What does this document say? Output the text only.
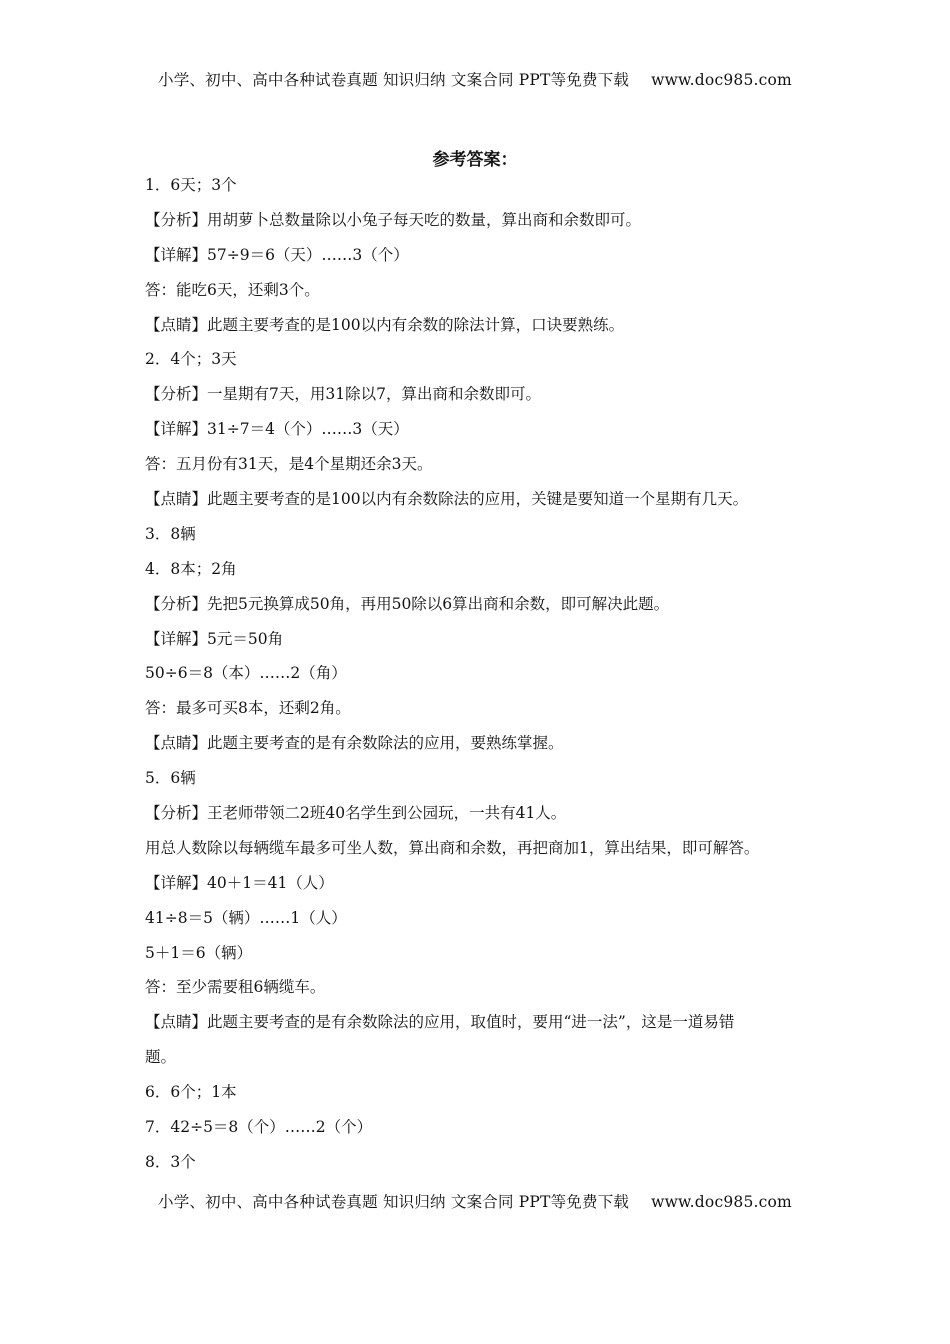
小学、初中、高中各种试卷真题 知识归纳 文案合同 PPT等免费下载 www.doc985.com
参考答案：
1．6天；3个
【分析】用胡萝卜总数量除以小兔子每天吃的数量，算出商和余数即可。
【详解】57÷9＝6（天）……3（个）
答：能吃6天，还剩3个。
【点睛】此题主要考查的是100以内有余数的除法计算，口诀要熟练。
2．4个；3天
【分析】一星期有7天，用31除以7，算出商和余数即可。
【详解】31÷7＝4（个）……3（天）
答：五月份有31天，是4个星期还余3天。
【点睛】此题主要考查的是100以内有余数除法的应用，关键是要知道一个星期有几天。
3．8辆
4．8本；2角
【分析】先把5元换算成50角，再用50除以6算出商和余数，即可解决此题。
【详解】5元＝50角
50÷6＝8（本）……2（角）
答：最多可买8本，还剩2角。
【点睛】此题主要考查的是有余数除法的应用，要熟练掌握。
5．6辆
【分析】王老师带领二2班40名学生到公园玩，一共有41人。
用总人数除以每辆缆车最多可坐人数，算出商和余数，再把商加1，算出结果，即可解答。
【详解】40＋1＝41（人）
41÷8＝5（辆）……1（人）
5＋1＝6（辆）
答：至少需要租6辆缆车。
【点睛】此题主要考查的是有余数除法的应用，取值时，要用“进一法”，这是一道易错
题。
6．6个；1本
7．42÷5＝8（个）……2（个）
8．3个
小学、初中、高中各种试卷真题 知识归纳 文案合同 PPT等免费下载 www.doc985.com
